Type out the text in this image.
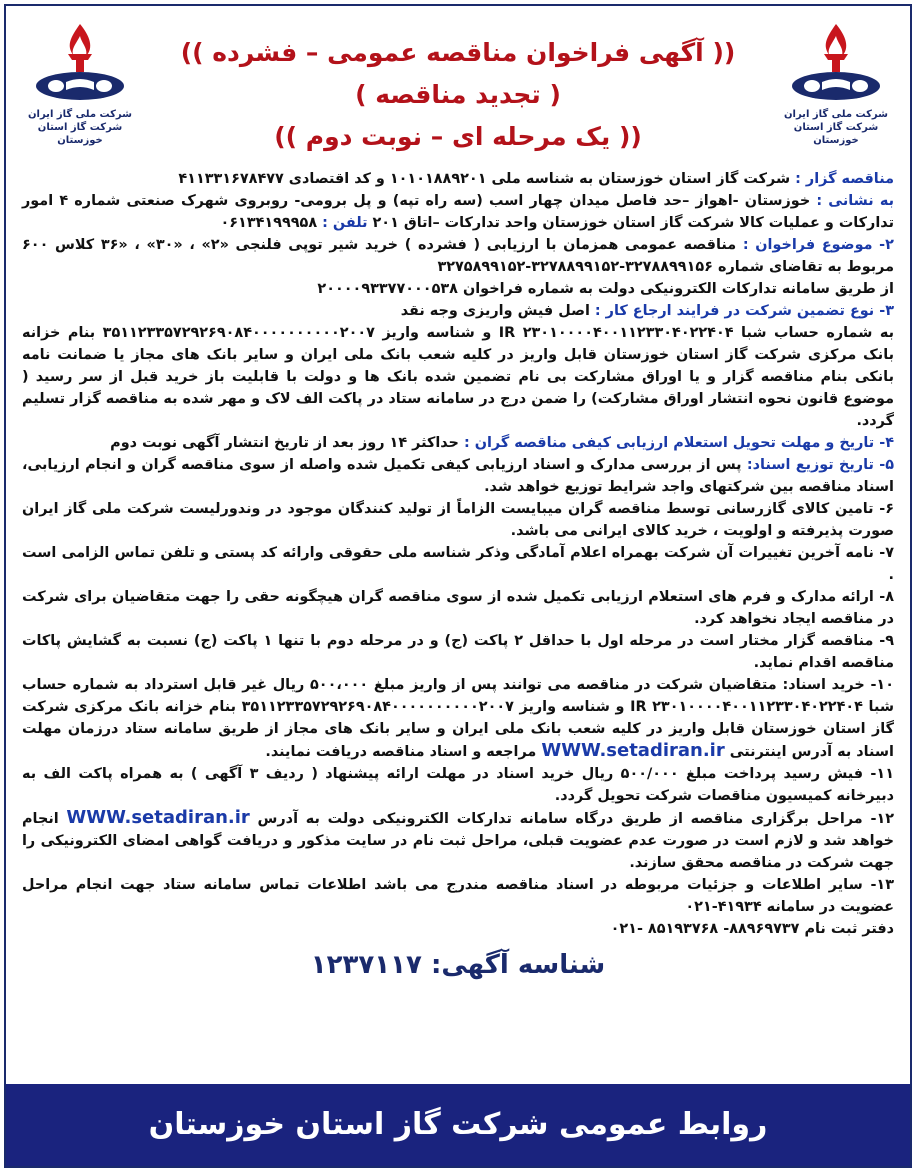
شرکت ملی گاز ایران
شرکت گاز استان خوزستان
(( آگهی فراخوان مناقصه عمومی – فشرده ))
( تجدید مناقصه )
(( یک مرحله ای – نوبت دوم ))
شرکت ملی گاز ایران
شرکت گاز استان خوزستان

مناقصه گزار : شرکت گاز استان خوزستان به شناسه ملی ۱۰۱۰۱۸۸۹۲۰۱ و کد اقتصادی ۴۱۱۳۳۱۶۷۸۴۷۷

به نشانی : خوزستان -اهواز –حد فاصل میدان چهار اسب (سه راه تپه) و پل برومی- روبروی شهرک صنعتی شماره ۴ امور تدارکات و عملیات کالا شرکت گاز استان خوزستان واحد تدارکات –اتاق ۲۰۱ تلفن : ۰۶۱۳۴۱۹۹۹۵۸

۲- موضوع فراخوان : مناقصه عمومی همزمان با ارزیابی ( فشرده ) خرید شیر توپی فلنجی «۲» ، «۳۰» ، «۳۶ کلاس ۶۰۰ مربوط به تقاضای شماره ۳۲۷۸۸۹۹۱۵۶-۳۲۷۸۸۹۹۱۵۲-۳۲۷۵۸۹۹۱۵۲

از طریق سامانه تدارکات الکترونیکی دولت به شماره فراخوان ۲۰۰۰۰۹۳۳۷۷۰۰۰۵۳۸

۳- نوع تضمین شرکت در فرایند ارجاع کار : اصل فیش واریزی وجه نقد

به شماره حساب شبا IR ۲۳۰۱۰۰۰۰۴۰۰۱۱۲۳۳۰۴۰۲۲۴۰۴ و شناسه واریز ۳۵۱۱۲۳۳۵۷۲۹۲۶۹۰۸۴۰۰۰۰۰۰۰۰۰۰۲۰۰۷ بنام خزانه بانک مرکزی شرکت گاز استان خوزستان قابل واریز در کلیه شعب بانک ملی ایران و سایر بانک های مجاز یا ضمانت نامه بانکی بنام مناقصه گزار و یا اوراق مشارکت بی نام تضمین شده بانک ها و دولت با قابلیت باز خرید قبل از سر رسید ( موضوع قانون نحوه انتشار اوراق مشارکت) را ضمن درج در سامانه ستاد در پاکت الف لاک و مهر شده به مناقصه گزار تسلیم گردد.

۴- تاریخ و مهلت تحویل استعلام ارزیابی کیفی مناقصه گران : حداکثر ۱۴ روز بعد از تاریخ انتشار آگهی نوبت دوم

۵- تاریخ توزیع اسناد: پس از بررسی مدارک و اسناد ارزیابی کیفی تکمیل شده واصله از سوی مناقصه گران و انجام ارزیابی، اسناد مناقصه بین شرکتهای واجد شرایط توزیع خواهد شد.

۶- تامین کالای گازرسانی توسط مناقصه گران میبایست الزاماً از تولید کنندگان موجود در وندورلیست شرکت ملی گاز ایران صورت پذیرفته و اولویت ، خرید کالای ایرانی می باشد.

۷- نامه آخرین تغییرات آن شرکت بهمراه اعلام آمادگی وذکر شناسه ملی حقوقی وارائه کد پستی و تلفن تماس الزامی است .

۸- ارائه مدارک و فرم های استعلام ارزیابی تکمیل شده از سوی مناقصه گران هیچگونه حقی را جهت متقاضیان برای شرکت در مناقصه ایجاد نخواهد کرد.

۹- مناقصه گزار مختار است در مرحله اول با حداقل ۲ پاکت (ج) و در مرحله دوم با تنها ۱ پاکت (ج) نسبت به گشایش پاکات مناقصه اقدام نماید.

۱۰- خرید اسناد: متقاضیان شرکت در مناقصه می توانند پس از واریز مبلغ ۵۰۰،۰۰۰ ریال غیر قابل استرداد به شماره حساب شبا IR ۲۳۰۱۰۰۰۰۴۰۰۱۱۲۳۳۰۴۰۲۲۴۰۴ و شناسه واریز ۳۵۱۱۲۳۳۵۷۲۹۲۶۹۰۸۴۰۰۰۰۰۰۰۰۰۰۲۰۰۷ بنام خزانه بانک مرکزی شرکت گاز استان خوزستان قابل واریز در کلیه شعب بانک ملی ایران و سایر بانک های مجاز از طریق سامانه ستاد درزمان مهلت اسناد به آدرس اینترنتی WWW.setadiran.ir مراجعه و اسناد مناقصه دریافت نمایند.

۱۱- فیش رسید پرداخت مبلغ ۵۰۰/۰۰۰ ریال خرید اسناد در مهلت ارائه پیشنهاد ( ردیف ۳ آگهی ) به همراه پاکت الف به دبیرخانه کمیسیون مناقصات شرکت تحویل گردد.

۱۲- مراحل برگزاری مناقصه از طریق درگاه سامانه تدارکات الکترونیکی دولت به آدرس WWW.setadiran.ir انجام خواهد شد و لازم است در صورت عدم عضویت قبلی، مراحل ثبت نام در سایت مذکور و دریافت گواهی امضای الکترونیکی را جهت شرکت در مناقصه محقق سازند.

۱۳- سایر اطلاعات و جزئیات مربوطه در اسناد مناقصه مندرج می باشد اطلاعات تماس سامانه ستاد جهت انجام مراحل عضویت در سامانه ۴۱۹۳۴-۰۲۱

دفتر ثبت نام ۸۸۹۶۹۷۳۷- ۸۵۱۹۳۷۶۸ -۰۲۱

شناسه آگهی: ۱۲۳۷۱۱۷
روابط عمومی شرکت گاز استان خوزستان
